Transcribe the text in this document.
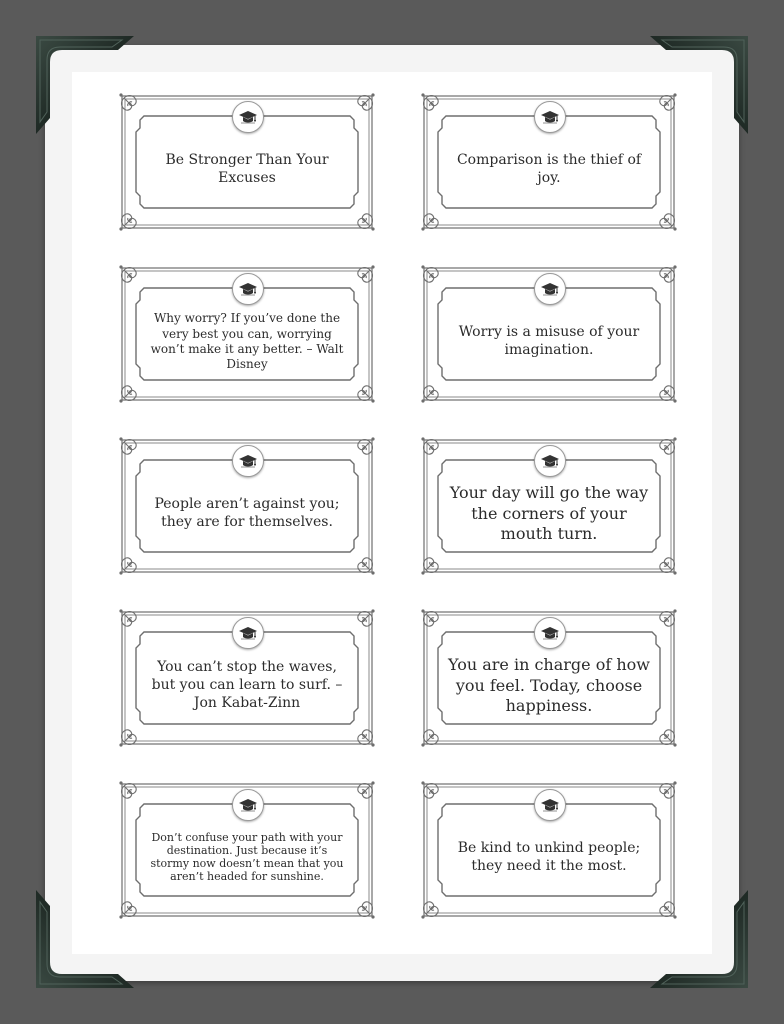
Be Stronger Than Your Excuses
Comparison is the thief of joy.
Why worry? If you’ve done the very best you can, worrying won’t make it any better. – Walt Disney
Worry is a misuse of your imagination.
People aren’t against you; they are for themselves.
Your day will go the way the corners of your mouth turn.
You can’t stop the waves, but you can learn to surf. – Jon Kabat-Zinn
You are in charge of how you feel. Today, choose happiness.
Don’t confuse your path with your destination. Just because it’s stormy now doesn’t mean that you aren’t headed for sunshine.
Be kind to unkind people; they need it the most.
